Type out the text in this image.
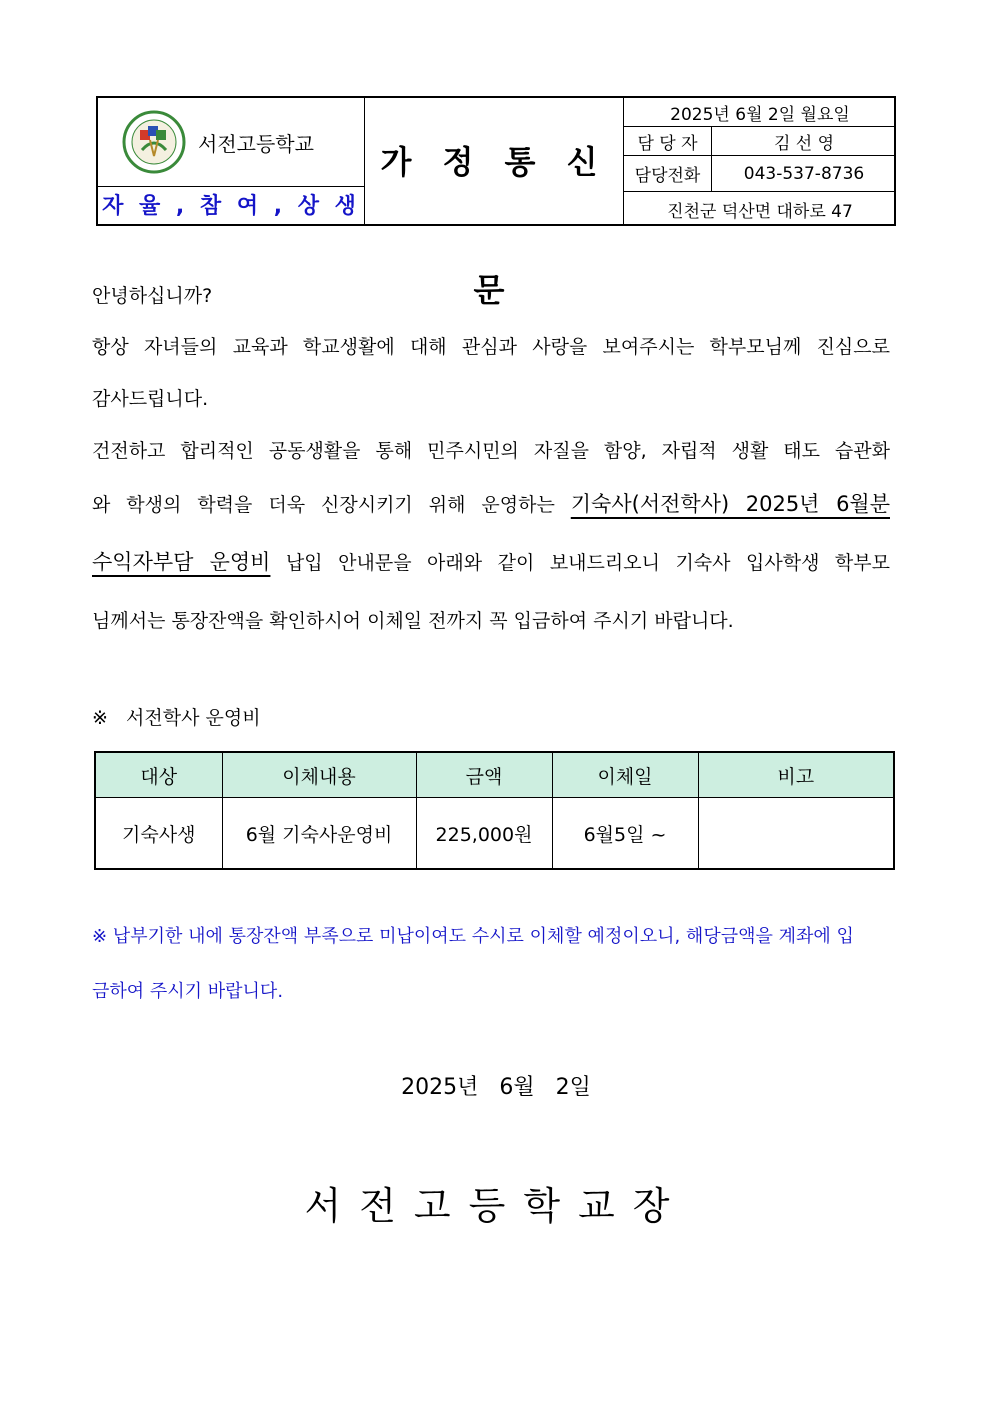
서전고등학교
자 율 , 참 여 , 상 생
가 정 통 신 문
2025년 6월 2일 월요일
담 당 자	김 선 영
담당전화	043-537-8736
진천군 덕산면 대하로 47
안녕하십니까?
항상 자녀들의 교육과 학교생활에 대해 관심과 사랑을 보여주시는 학부모님께 진심으로
감사드립니다.
건전하고 합리적인 공동생활을 통해 민주시민의 자질을 함양, 자립적 생활 태도 습관화
와 학생의 학력을 더욱 신장시키기 위해 운영하는 기숙사(서전학사) 2025년 6월분
수익자부담 운영비 납입 안내문을 아래와 같이 보내드리오니 기숙사 입사학생 학부모
님께서는 통장잔액을 확인하시어 이체일 전까지 꼭 입금하여 주시기 바랍니다.
※   서전학사 운영비
대상	이체내용	금액	이체일	비고
기숙사생	6월 기숙사운영비	225,000원	6월5일 ~	
※ 납부기한 내에 통장잔액 부족으로 미납이여도 수시로 이체할 예정이오니, 해당금액을 계좌에 입
금하여 주시기 바랍니다.
2025년   6월   2일
서전고등학교장
